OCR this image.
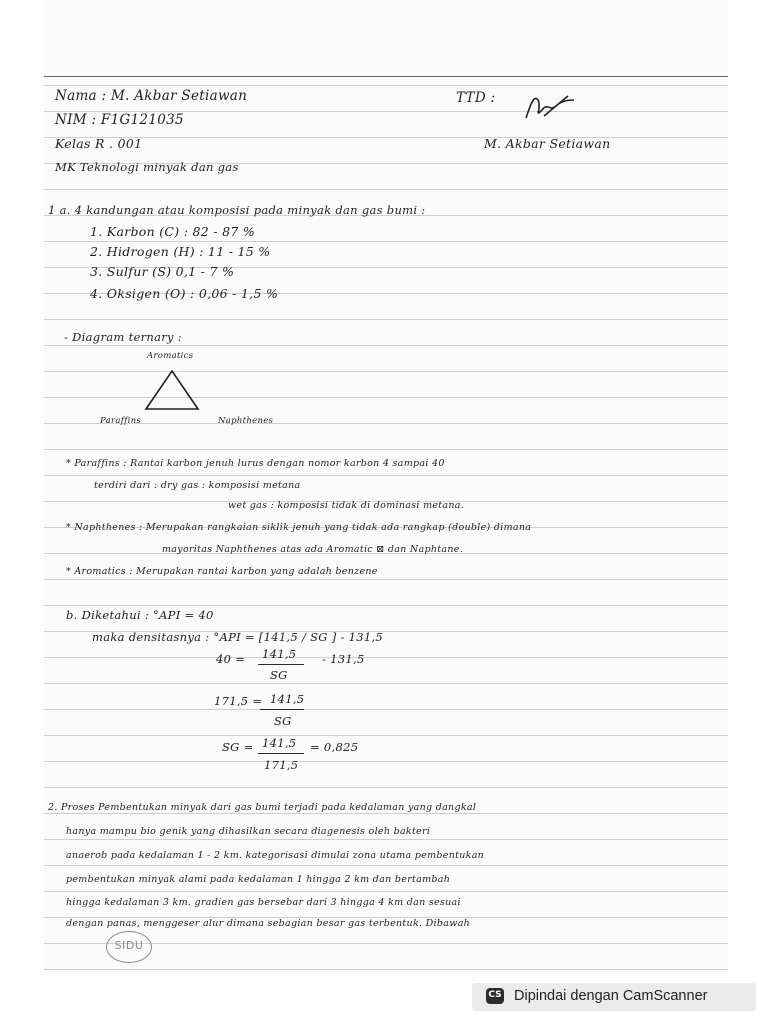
Nama : M. Akbar Setiawan	TTD :
NIM : F1G121035
Kelas R . 001	M. Akbar Setiawan
MK Teknologi minyak dan gas
1 a. 4 kandungan atau komposisi pada minyak dan gas bumi :
1. Karbon (C) : 82 - 87 %
2. Hidrogen (H) : 11 - 15 %
3. Sulfur (S) 0,1 - 7 %
4. Oksigen (O) : 0,06 - 1,5 %
- Diagram ternary :
Aromatics
Paraffins	Naphthenes
* Paraffins : Rantai karbon jenuh lurus dengan nomor karbon 4 sampai 40
terdiri dari : dry gas : komposisi metana
wet gas : komposisi tidak di dominasi metana.
* Naphthenes : Merupakan rangkaian siklik jenuh yang tidak ada rangkap (double) dimana
mayoritas Naphthenes atas ada Aromatic ⊠ dan Naphtane.
* Aromatics : Merupakan rantai karbon yang adalah benzene
b. Diketahui : °API = 40
maka densitasnya : °API = [141,5 / SG ] - 131,5
40 = 141,5 - 131,5
SG
171,5 = 141,5
SG
SG = 141,5 = 0,825
171,5
2. Proses Pembentukan minyak dari gas bumi terjadi pada kedalaman yang dangkal
hanya mampu bio genik yang dihasilkan secara diagenesis oleh bakteri
anaerob pada kedalaman 1 - 2 km. kategorisasi dimulai zona utama pembentukan
pembentukan minyak alami pada kedalaman 1 hingga 2 km dan bertambah
hingga kedalaman 3 km. gradien gas bersebar dari 3 hingga 4 km dan sesuai
dengan panas, menggeser alur dimana sebagian besar gas terbentuk. Dibawah
SIDU
CS Dipindai dengan CamScanner
